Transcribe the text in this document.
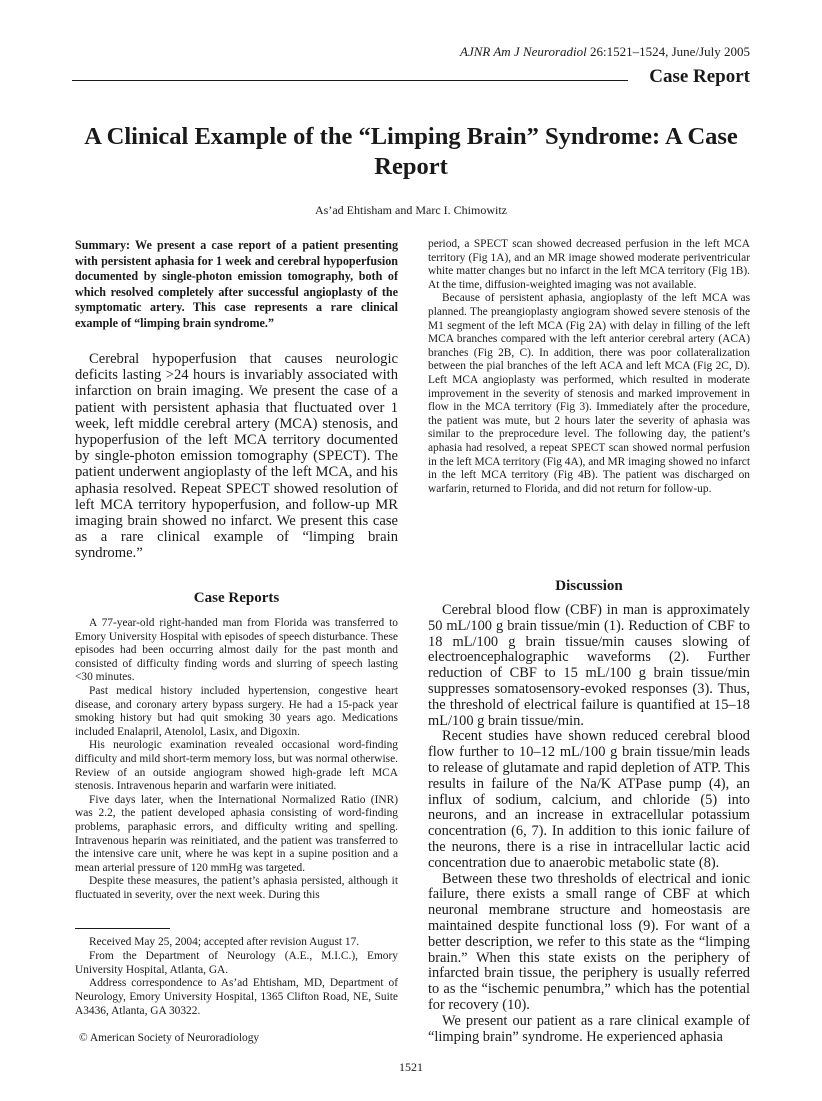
AJNR Am J Neuroradiol 26:1521–1524, June/July 2005
Case Report
A Clinical Example of the “Limping Brain” Syndrome: A Case Report
As’ad Ehtisham and Marc I. Chimowitz
Summary: We present a case report of a patient presenting with persistent aphasia for 1 week and cerebral hypoperfusion documented by single-photon emission tomography, both of which resolved completely after successful angioplasty of the symptomatic artery. This case represents a rare clinical example of “limping brain syndrome.”
Cerebral hypoperfusion that causes neurologic deficits lasting >24 hours is invariably associated with infarction on brain imaging. We present the case of a patient with persistent aphasia that fluctuated over 1 week, left middle cerebral artery (MCA) stenosis, and hypoperfusion of the left MCA territory documented by single-photon emission tomography (SPECT). The patient underwent angioplasty of the left MCA, and his aphasia resolved. Repeat SPECT showed resolution of left MCA territory hypoperfusion, and follow-up MR imaging brain showed no infarct. We present this case as a rare clinical example of “limping brain syndrome.”
Case Reports

A 77-year-old right-handed man from Florida was transferred to Emory University Hospital with episodes of speech disturbance. These episodes had been occurring almost daily for the past month and consisted of difficulty finding words and slurring of speech lasting <30 minutes.

Past medical history included hypertension, congestive heart disease, and coronary artery bypass surgery. He had a 15-pack year smoking history but had quit smoking 30 years ago. Medications included Enalapril, Atenolol, Lasix, and Digoxin.

His neurologic examination revealed occasional word-finding difficulty and mild short-term memory loss, but was normal otherwise. Review of an outside angiogram showed high-grade left MCA stenosis. Intravenous heparin and warfarin were initiated.

Five days later, when the International Normalized Ratio (INR) was 2.2, the patient developed aphasia consisting of word-finding problems, paraphasic errors, and difficulty writing and spelling. Intravenous heparin was reinitiated, and the patient was transferred to the intensive care unit, where he was kept in a supine position and a mean arterial pressure of 120 mmHg was targeted.

Despite these measures, the patient’s aphasia persisted, although it fluctuated in severity, over the next week. During this

Received May 25, 2004; accepted after revision August 17.

From the Department of Neurology (A.E., M.I.C.), Emory University Hospital, Atlanta, GA.

Address correspondence to As’ad Ehtisham, MD, Department of Neurology, Emory University Hospital, 1365 Clifton Road, NE, Suite A3436, Atlanta, GA 30322.

© American Society of Neuroradiology

period, a SPECT scan showed decreased perfusion in the left MCA territory (Fig 1A), and an MR image showed moderate periventricular white matter changes but no infarct in the left MCA territory (Fig 1B). At the time, diffusion-weighted imaging was not available.

Because of persistent aphasia, angioplasty of the left MCA was planned. The preangioplasty angiogram showed severe stenosis of the M1 segment of the left MCA (Fig 2A) with delay in filling of the left MCA branches compared with the left anterior cerebral artery (ACA) branches (Fig 2B, C). In addition, there was poor collateralization between the pial branches of the left ACA and left MCA (Fig 2C, D). Left MCA angioplasty was performed, which resulted in moderate improvement in the severity of stenosis and marked improvement in flow in the MCA territory (Fig 3). Immediately after the procedure, the patient was mute, but 2 hours later the severity of aphasia was similar to the preprocedure level. The following day, the patient’s aphasia had resolved, a repeat SPECT scan showed normal perfusion in the left MCA territory (Fig 4A), and MR imaging showed no infarct in the left MCA territory (Fig 4B). The patient was discharged on warfarin, returned to Florida, and did not return for follow-up.

Discussion

Cerebral blood flow (CBF) in man is approximately 50 mL/100 g brain tissue/min (1). Reduction of CBF to 18 mL/100 g brain tissue/min causes slowing of electroencephalographic waveforms (2). Further reduction of CBF to 15 mL/100 g brain tissue/min suppresses somatosensory-evoked responses (3). Thus, the threshold of electrical failure is quantified at 15–18 mL/100 g brain tissue/min.

Recent studies have shown reduced cerebral blood flow further to 10–12 mL/100 g brain tissue/min leads to release of glutamate and rapid depletion of ATP. This results in failure of the Na/K ATPase pump (4), an influx of sodium, calcium, and chloride (5) into neurons, and an increase in extracellular potassium concentration (6, 7). In addition to this ionic failure of the neurons, there is a rise in intracellular lactic acid concentration due to anaerobic metabolic state (8).

Between these two thresholds of electrical and ionic failure, there exists a small range of CBF at which neuronal membrane structure and homeostasis are maintained despite functional loss (9). For want of a better description, we refer to this state as the “limping brain.” When this state exists on the periphery of infarcted brain tissue, the periphery is usually referred to as the “ischemic penumbra,” which has the potential for recovery (10).

We present our patient as a rare clinical example of “limping brain” syndrome. He experienced aphasia

1521
